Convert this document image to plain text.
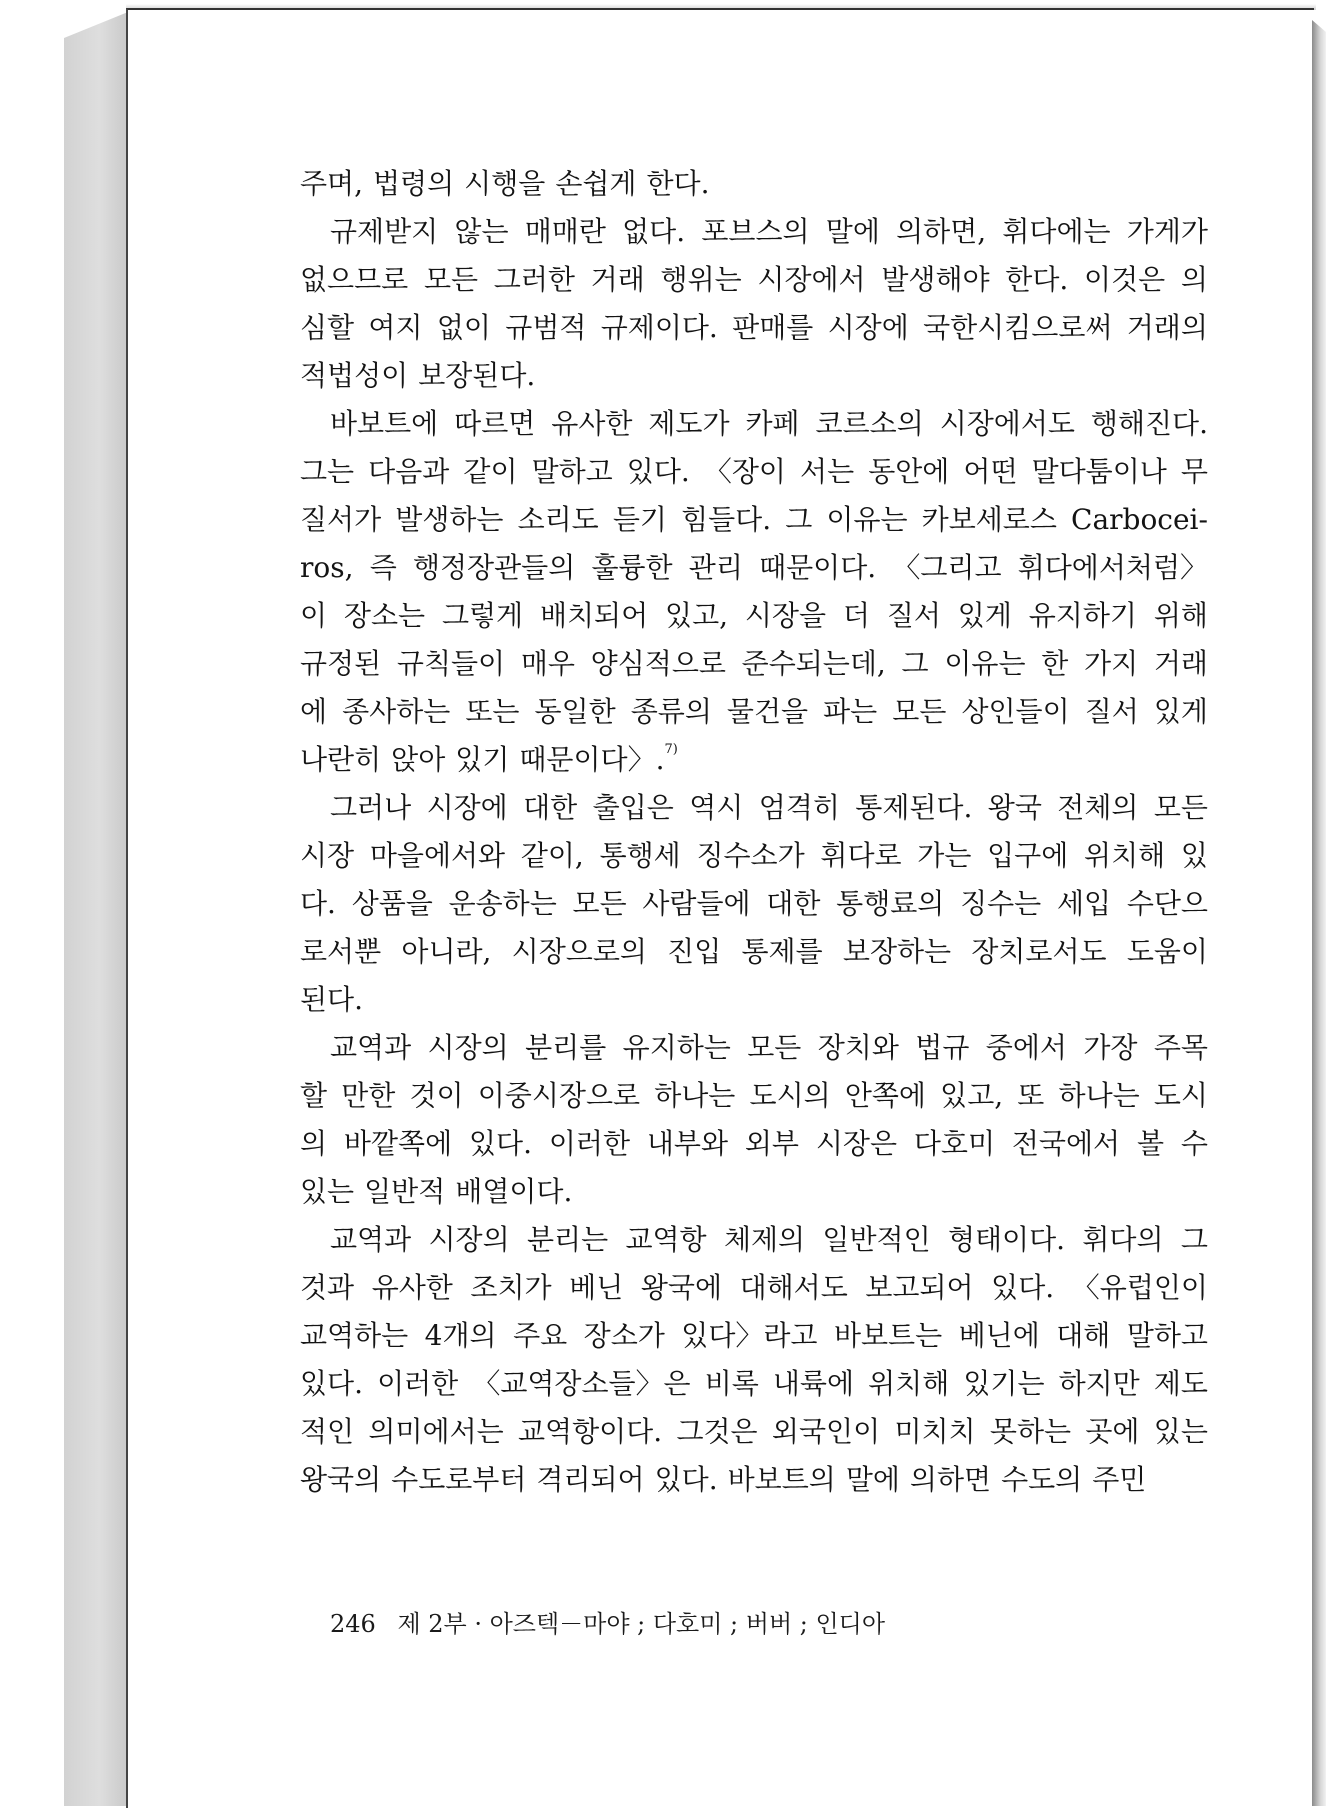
주며, 법령의 시행을 손쉽게 한다.
규제받지 않는 매매란 없다. 포브스의 말에 의하면, 휘다에는 가게가
없으므로 모든 그러한 거래 행위는 시장에서 발생해야 한다. 이것은 의
심할 여지 없이 규범적 규제이다. 판매를 시장에 국한시킴으로써 거래의
적법성이 보장된다.
바보트에 따르면 유사한 제도가 카페 코르소의 시장에서도 행해진다.
그는 다음과 같이 말하고 있다. 〈장이 서는 동안에 어떤 말다툼이나 무
질서가 발생하는 소리도 듣기 힘들다. 그 이유는 카보세로스 Carbocei-
ros, 즉 행정장관들의 훌륭한 관리 때문이다. 〈그리고 휘다에서처럼〉
이 장소는 그렇게 배치되어 있고, 시장을 더 질서 있게 유지하기 위해
규정된 규칙들이 매우 양심적으로 준수되는데, 그 이유는 한 가지 거래
에 종사하는 또는 동일한 종류의 물건을 파는 모든 상인들이 질서 있게
나란히 앉아 있기 때문이다〉.$^{7)}$
그러나 시장에 대한 출입은 역시 엄격히 통제된다. 왕국 전체의 모든
시장 마을에서와 같이, 통행세 징수소가 휘다로 가는 입구에 위치해 있
다. 상품을 운송하는 모든 사람들에 대한 통행료의 징수는 세입 수단으
로서뿐 아니라, 시장으로의 진입 통제를 보장하는 장치로서도 도움이
된다.
교역과 시장의 분리를 유지하는 모든 장치와 법규 중에서 가장 주목
할 만한 것이 이중시장으로 하나는 도시의 안쪽에 있고, 또 하나는 도시
의 바깥쪽에 있다. 이러한 내부와 외부 시장은 다호미 전국에서 볼 수
있는 일반적 배열이다.
교역과 시장의 분리는 교역항 체제의 일반적인 형태이다. 휘다의 그
것과 유사한 조치가 베닌 왕국에 대해서도 보고되어 있다. 〈유럽인이
교역하는 4개의 주요 장소가 있다〉라고 바보트는 베닌에 대해 말하고
있다. 이러한 〈교역장소들〉은 비록 내륙에 위치해 있기는 하지만 제도
적인 의미에서는 교역항이다. 그것은 외국인이 미치치 못하는 곳에 있는
왕국의 수도로부터 격리되어 있다. 바보트의 말에 의하면 수도의 주민
246 제 2부 · 아즈텍－마야 ; 다호미 ; 버버 ; 인디아
